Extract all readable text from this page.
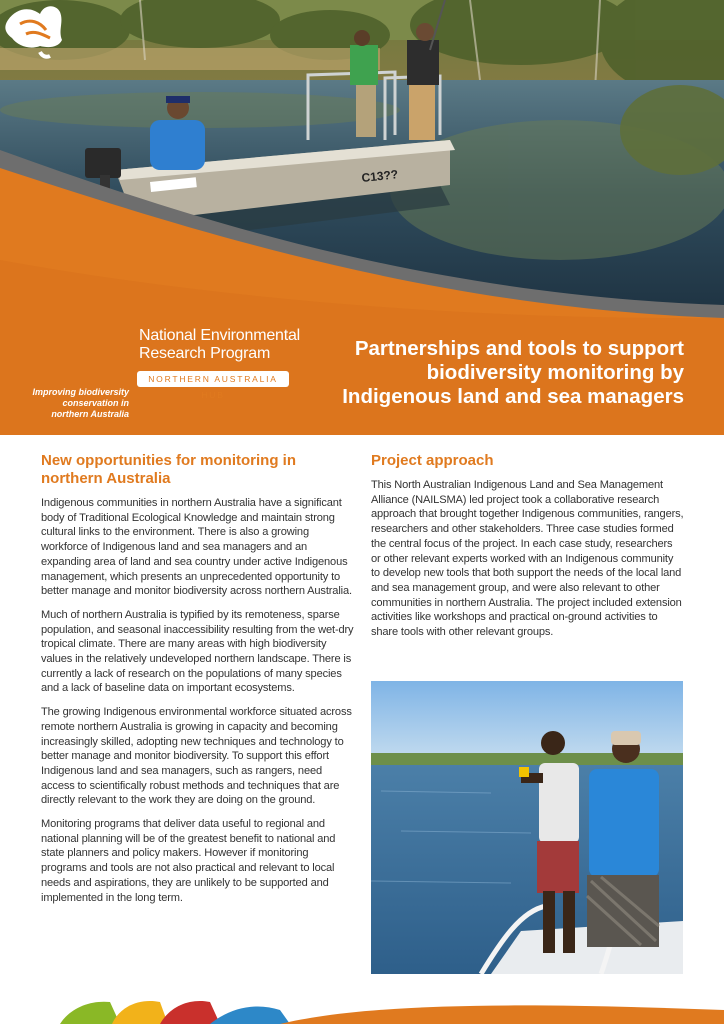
C13??
National Environmental
Research Program
NORTHERN AUSTRALIA HUB
Improving biodiversity
conservation in
northern Australia
Partnerships and tools to support
biodiversity monitoring by
Indigenous land and sea managers
New opportunities for monitoring in
northern Australia

Indigenous communities in northern Australia have a significant body of Traditional Ecological Knowledge and maintain strong cultural links to the environment. There is also a growing workforce of Indigenous land and sea managers and an expanding area of land and sea country under active Indigenous management, which presents an unprecedented opportunity to better manage and monitor biodiversity across northern Australia.

Much of northern Australia is typified by its remoteness, sparse population, and seasonal inaccessibility resulting from the wet-dry tropical climate. There are many areas with high biodiversity values in the relatively undeveloped northern landscape. There is currently a lack of research on the populations of many species and a lack of baseline data on important ecosystems.

The growing Indigenous environmental workforce situated across remote northern Australia is growing in capacity and becoming increasingly skilled, adopting new techniques and technology to better manage and monitor biodiversity. To support this effort Indigenous land and sea managers, such as rangers, need access to scientifically robust methods and techniques that are directly relevant to the work they are doing on the ground.

Monitoring programs that deliver data useful to regional and national planning will be of the greatest benefit to national and state planners and policy makers. However if monitoring programs and tools are not also practical and relevant to local needs and aspirations, they are unlikely to be supported and implemented in the long term.

Project approach

This North Australian Indigenous Land and Sea Management Alliance (NAILSMA) led project took a collaborative research approach that brought together Indigenous communities, rangers, researchers and other stakeholders. Three case studies formed the central focus of the project. In each case study, researchers or other relevant experts worked with an Indigenous community to develop new tools that both support the needs of the local land and sea management group, and were also relevant to other communities in northern Australia. The project included extension activities like workshops and practical on-ground activities to share tools with other relevant groups.
